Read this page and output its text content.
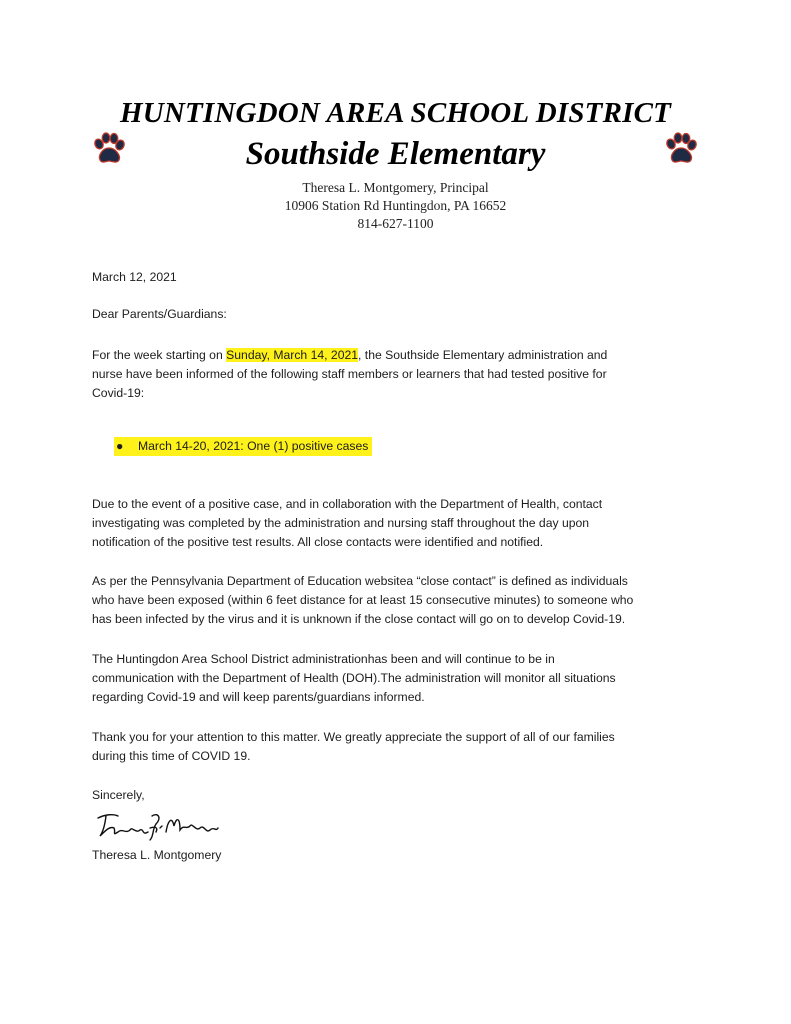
HUNTINGDON AREA SCHOOL DISTRICT
Southside Elementary
Theresa L. Montgomery, Principal
10906 Station Rd Huntingdon, PA 16652
814-627-1100
March 12, 2021
Dear Parents/Guardians:
For the week starting on Sunday, March 14, 2021, the Southside Elementary administration and
nurse have been informed of the following staff members or learners that had tested positive for
Covid-19:
● March 14-20, 2021: One (1) positive cases
Due to the event of a positive case, and in collaboration with the Department of Health, contact
investigating was completed by the administration and nursing staff throughout the day upon
notification of the positive test results. All close contacts were identified and notified.
As per the Pennsylvania Department of Education websitea “close contact” is defined as individuals
who have been exposed (within 6 feet distance for at least 15 consecutive minutes) to someone who
has been infected by the virus and it is unknown if the close contact will go on to develop Covid-19.
The Huntingdon Area School District administrationhas been and will continue to be in
communication with the Department of Health (DOH).The administration will monitor all situations
regarding Covid-19 and will keep parents/guardians informed.
Thank you for your attention to this matter. We greatly appreciate the support of all of our families
during this time of COVID 19.
Sincerely,
Theresa L. Montgomery
